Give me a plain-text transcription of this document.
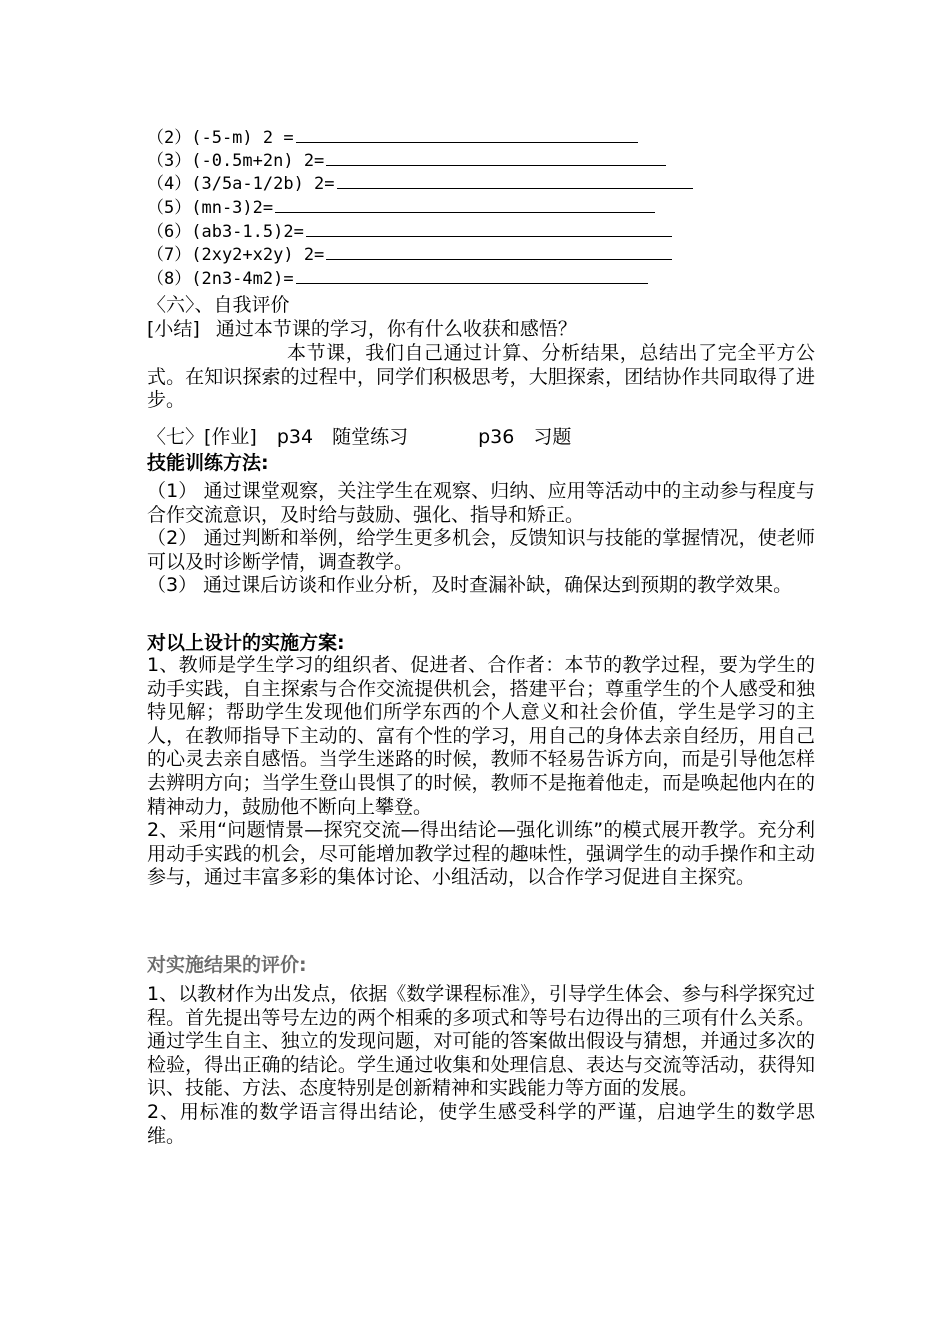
（2）(-5-m) 2 =
（3）(-0.5m+2n) 2=
（4）(3/5a-1/2b) 2=
（5）(mn-3)2=
（6）(ab3-1.5)2=
（7）(2xy2+x2y) 2=
（8）(2n3-4m2)=
〈六〉、自我评价
[小结] 通过本节课的学习，你有什么收获和感悟？

本节课，我们自己通过计算、分析结果，总结出了完全平方公式。在知识探索的过程中，同学们积极思考，大胆探索，团结协作共同取得了进步。

〈七〉[作业] p34　随堂练习	p36　习题
技能训练方法:

（1） 通过课堂观察，关注学生在观察、归纳、应用等活动中的主动参与程度与合作交流意识，及时给与鼓励、强化、指导和矫正。

（2） 通过判断和举例，给学生更多机会，反馈知识与技能的掌握情况，使老师可以及时诊断学情，调查教学。

（3） 通过课后访谈和作业分析，及时查漏补缺，确保达到预期的教学效果。

对以上设计的实施方案:

1、教师是学生学习的组织者、促进者、合作者：本节的教学过程，要为学生的动手实践，自主探索与合作交流提供机会，搭建平台；尊重学生的个人感受和独特见解；帮助学生发现他们所学东西的个人意义和社会价值，学生是学习的主人，在教师指导下主动的、富有个性的学习，用自己的身体去亲自经历，用自己的心灵去亲自感悟。当学生迷路的时候，教师不轻易告诉方向，而是引导他怎样去辨明方向；当学生登山畏惧了的时候，教师不是拖着他走，而是唤起他内在的精神动力，鼓励他不断向上攀登。

2、采用“问题情景—探究交流—得出结论—强化训练”的模式展开教学。充分利用动手实践的机会，尽可能增加教学过程的趣味性，强调学生的动手操作和主动参与，通过丰富多彩的集体讨论、小组活动，以合作学习促进自主探究。

对实施结果的评价:

1、以教材作为出发点，依据《数学课程标准》，引导学生体会、参与科学探究过程。首先提出等号左边的两个相乘的多项式和等号右边得出的三项有什么关系。通过学生自主、独立的发现问题，对可能的答案做出假设与猜想，并通过多次的检验，得出正确的结论。学生通过收集和处理信息、表达与交流等活动，获得知识、技能、方法、态度特别是创新精神和实践能力等方面的发展。

2、用标准的数学语言得出结论，使学生感受科学的严谨，启迪学生的数学思维。
